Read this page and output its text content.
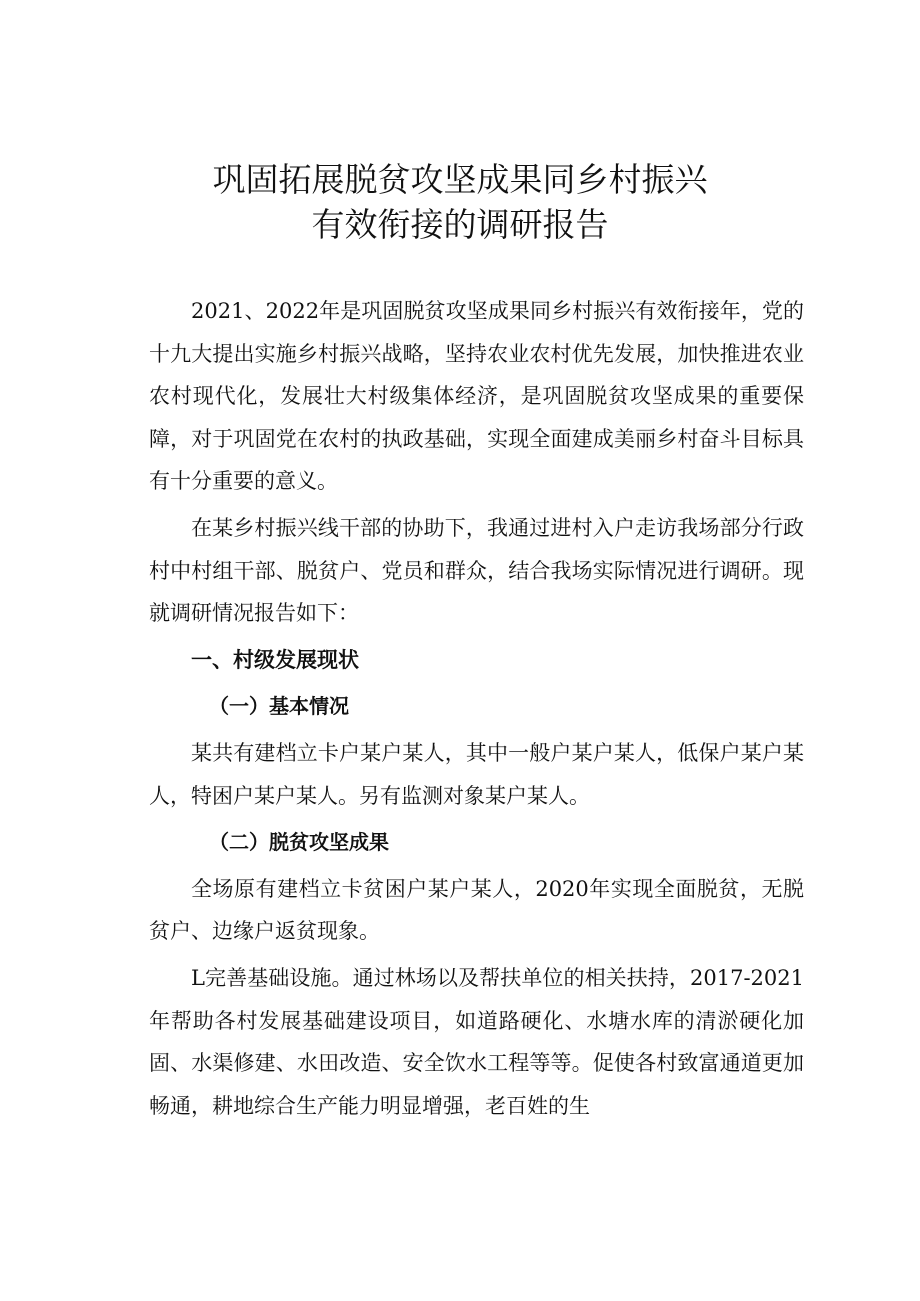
巩固拓展脱贫攻坚成果同乡村振兴
有效衔接的调研报告

2021、2022年是巩固脱贫攻坚成果同乡村振兴有效衔接年，党的十九大提出实施乡村振兴战略，坚持农业农村优先发展，加快推进农业农村现代化，发展壮大村级集体经济，是巩固脱贫攻坚成果的重要保障，对于巩固党在农村的执政基础，实现全面建成美丽乡村奋斗目标具有十分重要的意义。

在某乡村振兴线干部的协助下，我通过进村入户走访我场部分行政村中村组干部、脱贫户、党员和群众，结合我场实际情况进行调研。现就调研情况报告如下：

一、村级发展现状

（一）基本情况

某共有建档立卡户某户某人，其中一般户某户某人，低保户某户某人，特困户某户某人。另有监测对象某户某人。

（二）脱贫攻坚成果

全场原有建档立卡贫困户某户某人，2020年实现全面脱贫，无脱贫户、边缘户返贫现象。

L完善基础设施。通过林场以及帮扶单位的相关扶持，2017-2021年帮助各村发展基础建设项目，如道路硬化、水塘水库的清淤硬化加固、水渠修建、水田改造、安全饮水工程等等。促使各村致富通道更加畅通，耕地综合生产能力明显增强，老百姓的生
